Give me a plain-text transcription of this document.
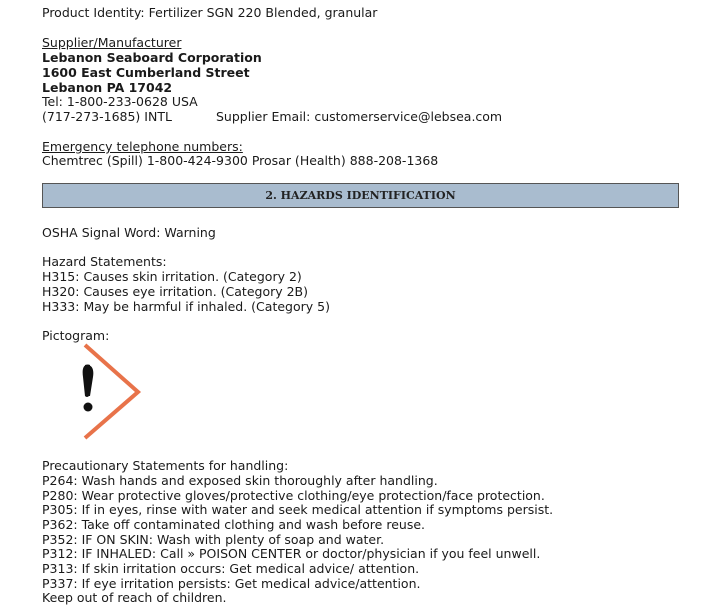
Product Identity: Fertilizer SGN 220 Blended, granular
Supplier/Manufacturer
Lebanon Seaboard Corporation
1600 East Cumberland Street
Lebanon PA 17042
Tel: 1-800-233-0628 USA
(717-273-1685) INTL	Supplier Email: customerservice@lebsea.com
Emergency telephone numbers:
Chemtrec (Spill) 1-800-424-9300 Prosar (Health) 888-208-1368
2. HAZARDS IDENTIFICATION
OSHA Signal Word: Warning
Hazard Statements:
H315: Causes skin irritation. (Category 2)
H320: Causes eye irritation. (Category 2B)
H333: May be harmful if inhaled. (Category 5)
Pictogram:
Precautionary Statements for handling:
P264: Wash hands and exposed skin thoroughly after handling.
P280: Wear protective gloves/protective clothing/eye protection/face protection.
P305: If in eyes, rinse with water and seek medical attention if symptoms persist.
P362: Take off contaminated clothing and wash before reuse.
P352: IF ON SKIN: Wash with plenty of soap and water.
P312: IF INHALED: Call » POISON CENTER or doctor/physician if you feel unwell.
P313: If skin irritation occurs: Get medical advice/ attention.
P337: If eye irritation persists: Get medical advice/attention.
Keep out of reach of children.
